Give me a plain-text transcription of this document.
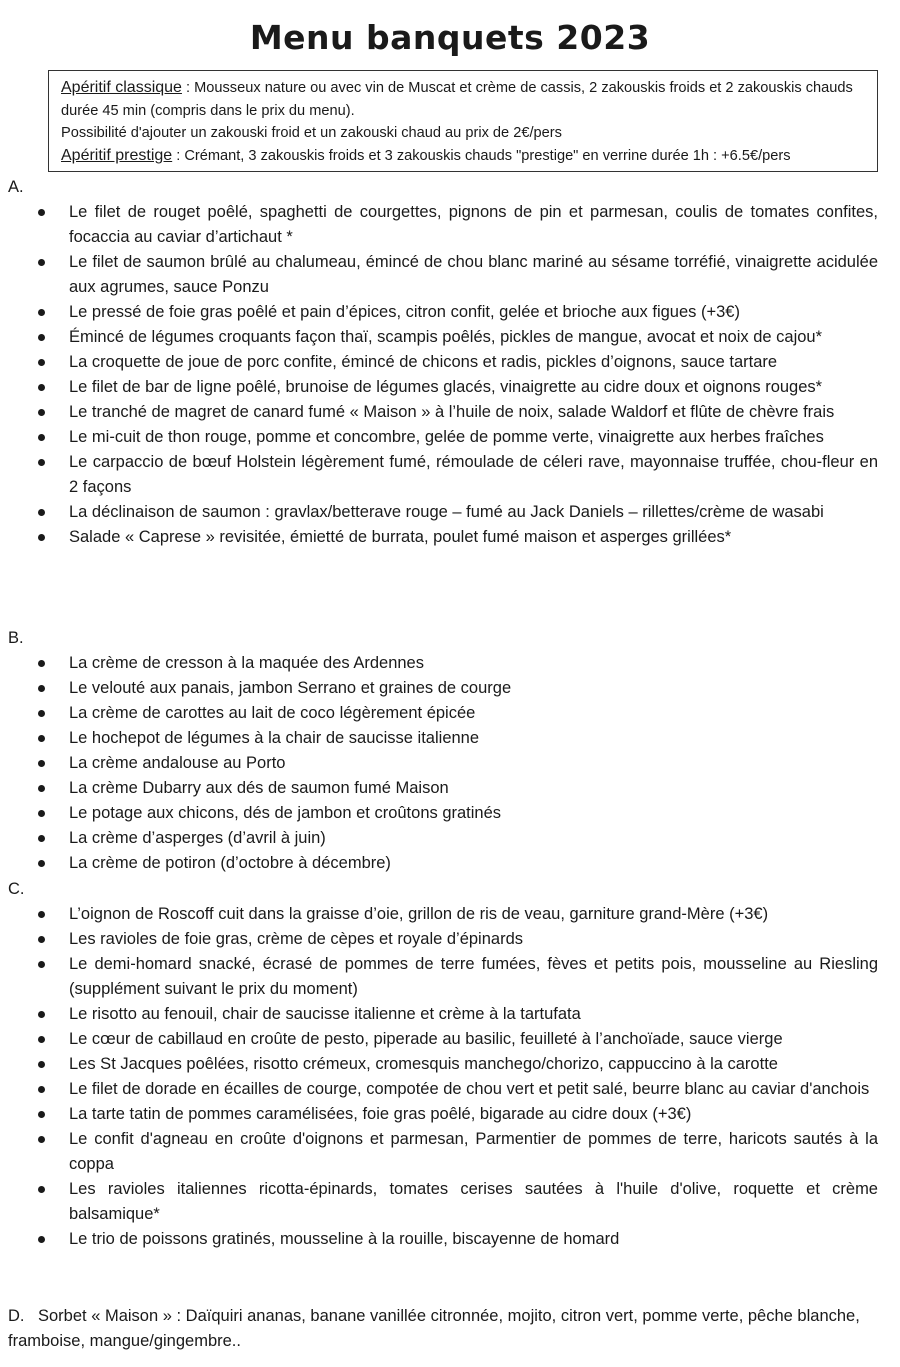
Menu banquets 2023

Apéritif classique : Mousseux nature ou avec vin de Muscat et crème de cassis, 2 zakouskis froids et 2 zakouskis chauds durée 45 min (compris dans le prix du menu).

Possibilité d'ajouter un zakouski froid et un zakouski chaud au prix de 2€/pers

Apéritif prestige : Crémant, 3 zakouskis froids et 3 zakouskis chauds "prestige" en verrine durée 1h : +6.5€/pers

A.
Le filet de rouget poêlé, spaghetti de courgettes, pignons de pin et parmesan, coulis de tomates confites, focaccia au caviar d’artichaut *
Le filet de saumon brûlé au chalumeau, émincé de chou blanc mariné au sésame torréfié, vinaigrette acidulée aux agrumes, sauce Ponzu
Le pressé de foie gras poêlé et pain d’épices, citron confit, gelée et brioche aux figues (+3€)
Émincé de légumes croquants façon thaï, scampis poêlés, pickles de mangue, avocat et noix de cajou*
La croquette de joue de porc confite, émincé de chicons et radis, pickles d’oignons, sauce tartare
Le filet de bar de ligne poêlé, brunoise de légumes glacés, vinaigrette au cidre doux et oignons rouges*
Le tranché de magret de canard fumé « Maison » à l’huile de noix, salade Waldorf et flûte de chèvre frais
Le mi-cuit de thon rouge, pomme et concombre, gelée de pomme verte, vinaigrette aux herbes fraîches
Le carpaccio de bœuf Holstein légèrement fumé, rémoulade de céleri rave, mayonnaise truffée, chou-fleur en 2 façons
La déclinaison de saumon : gravlax/betterave rouge – fumé au Jack Daniels – rillettes/crème de wasabi
Salade « Caprese » revisitée, émietté de burrata, poulet fumé maison et asperges grillées*
B.
La crème de cresson à la maquée des Ardennes
Le velouté aux panais, jambon Serrano et graines de courge
La crème de carottes au lait de coco légèrement épicée
Le hochepot de légumes à la chair de saucisse italienne
La crème andalouse au Porto
La crème Dubarry aux dés de saumon fumé Maison
Le potage aux chicons, dés de jambon et croûtons gratinés
La crème d’asperges (d’avril à juin)
La crème de potiron (d’octobre à décembre)
C.
L’oignon de Roscoff cuit dans la graisse d’oie, grillon de ris de veau, garniture grand-Mère (+3€)
Les ravioles de foie gras, crème de cèpes et royale d’épinards
Le demi-homard snacké, écrasé de pommes de terre fumées, fèves et petits pois, mousseline au Riesling (supplément suivant le prix du moment)
Le risotto au fenouil, chair de saucisse italienne et crème à la tartufata
Le cœur de cabillaud en croûte de pesto, piperade au basilic, feuilleté à l’anchoïade, sauce vierge
Les St Jacques poêlées, risotto crémeux, cromesquis manchego/chorizo, cappuccino à la carotte
Le filet de dorade en écailles de courge, compotée de chou vert et petit salé, beurre blanc au caviar d'anchois
La tarte tatin de pommes caramélisées, foie gras poêlé, bigarade au cidre doux (+3€)
Le confit d'agneau en croûte d'oignons et parmesan, Parmentier de pommes de terre, haricots sautés à la coppa
Les ravioles italiennes ricotta-épinards, tomates cerises sautées à l'huile d'olive, roquette et crème balsamique*
Le trio de poissons gratinés, mousseline à la rouille, biscayenne de homard

D. Sorbet « Maison » : Daïquiri ananas, banane vanillée citronnée, mojito, citron vert, pomme verte, pêche blanche, framboise, mangue/gingembre..
